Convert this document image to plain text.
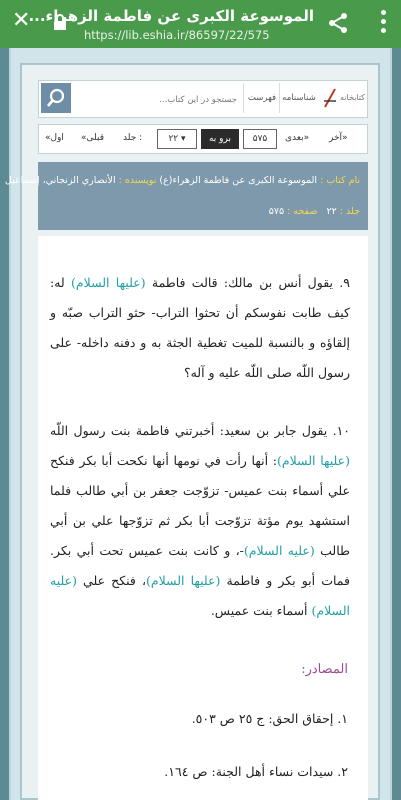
✕
الموسوعة الكبرى عن فاطمة الزهراء...
https://lib.eshia.ir/86597/22/575
جستجو در این کتاب...
فهرست شناسنامه	كتابخانه
«اول «قبلی جلد :	۲۲ ▾	برو به	۵۷۵	بعدی» آخر»
نام كتاب : الموسوعة الكبرى عن فاطمة الزهراء(ع) نويسنده : الأنصاري الزنجاني، إسماعيل
جلد : ۲۲   صفحه : ۵۷۵
٩. يقول أنس بن مالك: قالت فاطمة (عليها السلام) له: كيف طابت نفوسكم أن تحثوا التراب- حثو التراب صبّه و إلقاؤه و بالنسبة للميت تغطية الجثة به و دفنه داخله- على رسول اللّه صلى اللّه عليه و آله؟
١٠. يقول جابر بن سعيد: أخبرتني فاطمة بنت رسول اللّه (عليها السلام): أنها رأت في نومها أنها نكحت أبا بكر فنكح علي أسماء بنت عميس- تزوّجت جعفر بن أبي طالب فلما استشهد يوم مؤتة تزوّجت أبا بكر ثم تزوّجها علي بن أبي طالب (عليه السلام)-، و كانت بنت عميس تحت أبي بكر. فمات أبو بكر و فاطمة (عليها السلام)، فنكح علي (عليه السلام) أسماء بنت عميس.
المصادر:
١. إحقاق الحق: ج ٢٥ ص ٥٠٣.
٢. سيدات نساء أهل الجنة: ص ١٦٤.
